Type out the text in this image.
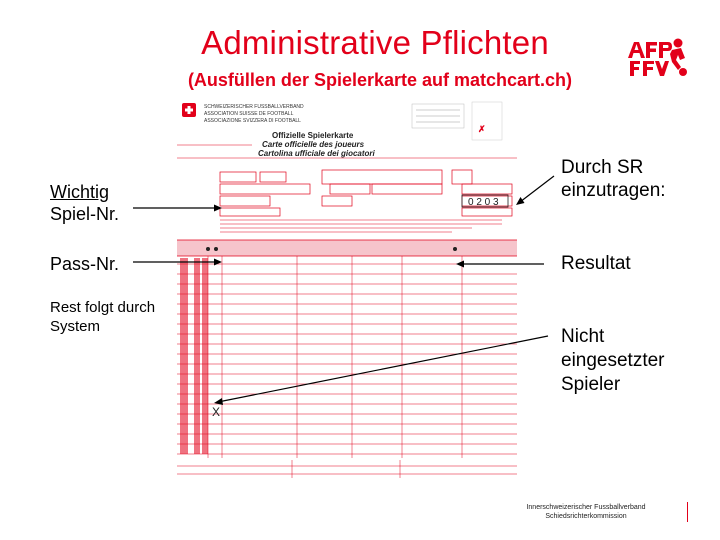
Administrative Pflichten
(Ausfüllen der Spielerkarte auf matchcart.ch)
SCHWEIZERISCHER FUSSBALLVERBAND
ASSOCIATION SUISSE DE FOOTBALL
ASSOCIAZIONE SVIZZERA DI FOOTBALL
✗
Offizielle Spielerkarte
Carte officielle des joueurs
Cartolina ufficiale dei giocatori
0 2 0 3
X
Wichtig
Spiel-Nr.
Pass-Nr.
Rest folgt durch System
Durch SR einzutragen:
Resultat
Nicht eingesetzter Spieler
Innerschweizerischer Fussballverband
Schiedsrichterkommission
